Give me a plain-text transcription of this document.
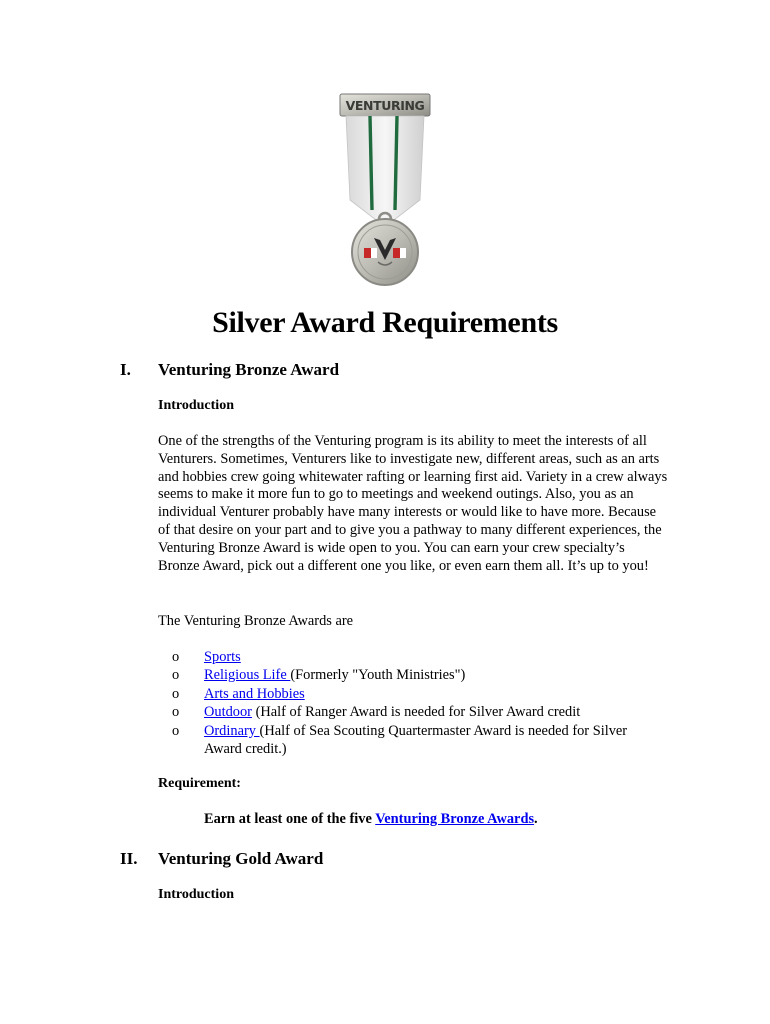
VENTURING
Silver Award Requirements
I. Venturing Bronze Award
Introduction

One of the strengths of the Venturing program is its ability to meet the interests of all Venturers. Sometimes, Venturers like to investigate new, different areas, such as an arts and hobbies crew going whitewater rafting or learning first aid. Variety in a crew always seems to make it more fun to go to meetings and weekend outings. Also, you as an individual Venturer probably have many interests or would like to have more. Because of that desire on your part and to give you a pathway to many different experiences, the Venturing Bronze Award is wide open to you. You can earn your crew specialty’s Bronze Award, pick out a different one you like, or even earn them all. It’s up to you!

The Venturing Bronze Awards are
o Sports
o Religious Life (Formerly "Youth Ministries")
o Arts and Hobbies
o Outdoor (Half of Ranger Award is needed for Silver Award credit
o Ordinary (Half of Sea Scouting Quartermaster Award is needed for Silver Award credit.)
Requirement:
Earn at least one of the five Venturing Bronze Awards.
II. Venturing Gold Award
Introduction
